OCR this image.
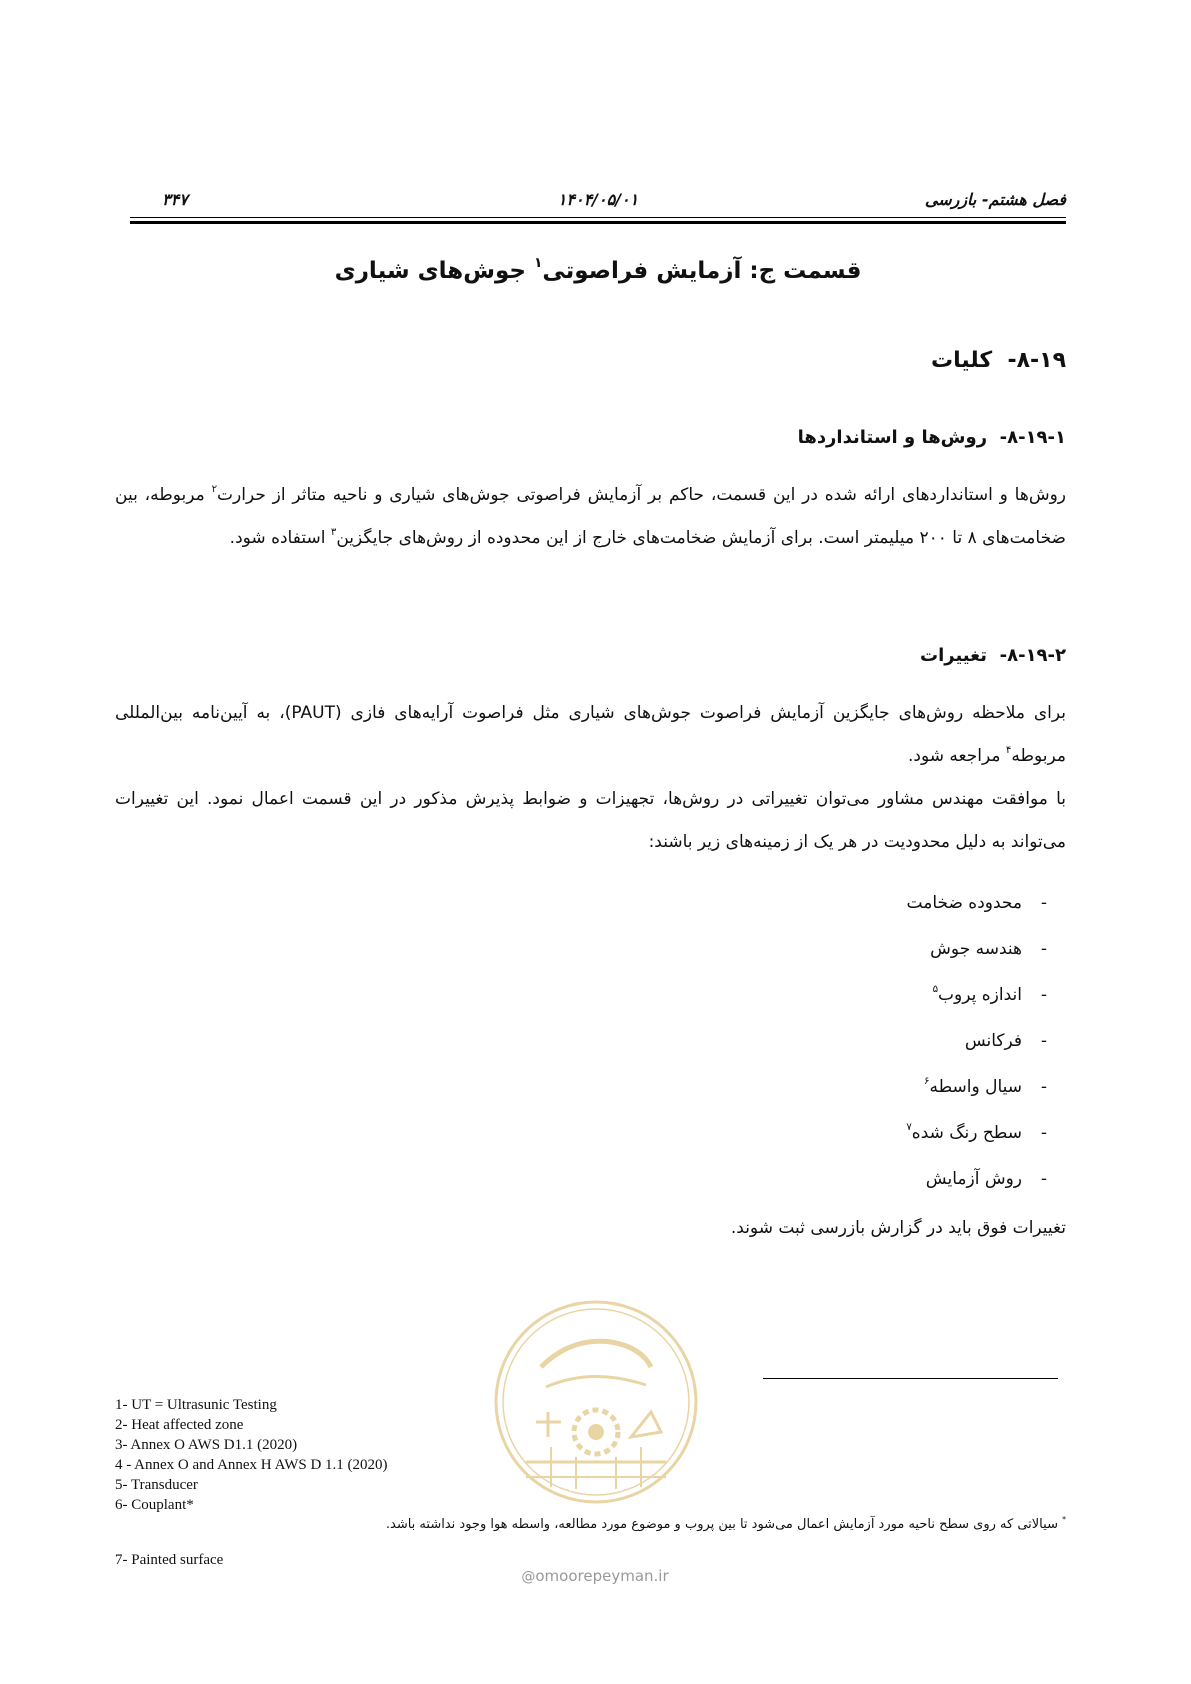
فصل هشتم- بازرسی
۱۴۰۴/۰۵/۰۱
۳۴۷
قسمت ج: آزمایش فراصوتی$^۱$ جوش‌های شیاری
۸-۱۹-  کلیات
۸-۱۹-۱-  روش‌ها و استانداردها
روش‌ها و استانداردهای ارائه شده در این قسمت، حاکم بر آزمایش فراصوتی جوش‌های شیاری و ناحیه متاثر از حرارت$^۲$ مربوطه، بین ضخامت‌های ۸ تا ۲۰۰ میلیمتر است. برای آزمایش ضخامت‌های خارج از این محدوده از روش‌های جایگزین$^۳$ استفاده شود.
۸-۱۹-۲-  تغییرات
برای ملاحظه روش‌های جایگزین آزمایش فراصوت جوش‌های شیاری مثل فراصوت آرایه‌های فازی (PAUT)، به آیین‌نامه بین‌المللی مربوطه$^۴$ مراجعه شود.
با موافقت مهندس مشاور می‌توان تغییراتی در روش‌ها، تجهیزات و ضوابط پذیرش مذکور در این قسمت اعمال نمود. این تغییرات می‌تواند به دلیل محدودیت در هر یک از زمینه‌های زیر باشند:
-محدوده ضخامت
-هندسه جوش
-اندازه پروب$^۵$
-فرکانس
-سیال واسطه$^۶$
-سطح رنگ شده$^۷$
-روش آزمایش
تغییرات فوق باید در گزارش بازرسی ثبت شوند.
1- UT = Ultrasunic Testing
2- Heat affected zone
3- Annex O AWS D1.1 (2020)
4 - Annex O and Annex H AWS D 1.1 (2020)
5- Transducer
6- Couplant*
* سیالاتی که روی سطح ناحیه مورد آزمایش اعمال می‌شود تا بین پروب و موضوع مورد مطالعه، واسطه هوا وجود نداشته باشد.
7- Painted surface
@omoorepeyman.ir
